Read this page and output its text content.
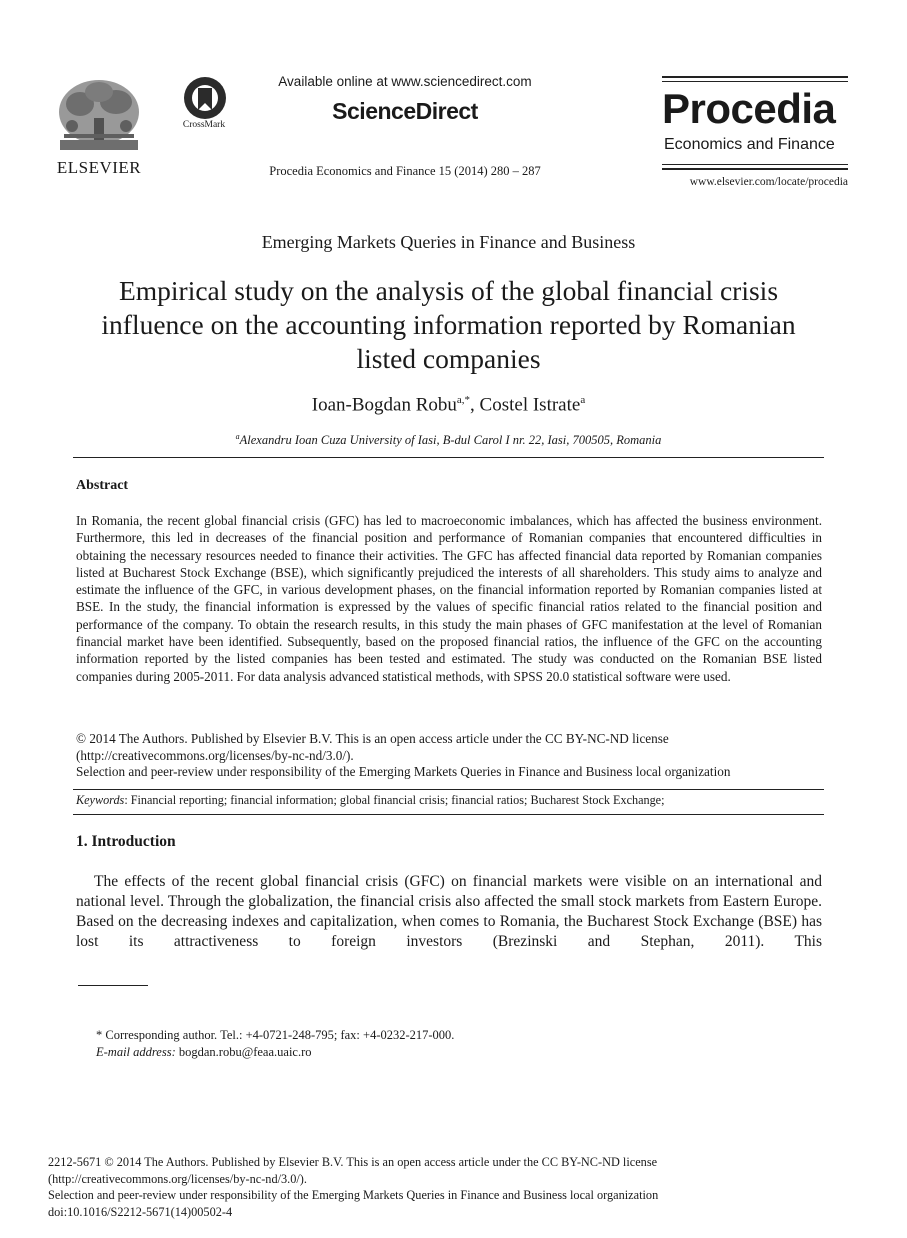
ELSEVIER
CrossMark
Available online at www.sciencedirect.com
ScienceDirect
Procedia Economics and Finance 15 (2014) 280 – 287
Procedia
Economics and Finance
www.elsevier.com/locate/procedia
Emerging Markets Queries in Finance and Business
Empirical study on the analysis of the global financial crisis influence on the accounting information reported by Romanian listed companies
Ioan-Bogdan Robu$^{a,*}$, Costel Istrate$^a$
$^a$Alexandru Ioan Cuza University of Iasi, B-dul Carol I nr. 22, Iasi, 700505, Romania
Abstract
In Romania, the recent global financial crisis (GFC) has led to macroeconomic imbalances, which has affected the business environment. Furthermore, this led in decreases of the financial position and performance of Romanian companies that encountered difficulties in obtaining the necessary resources needed to finance their activities. The GFC has affected financial data reported by Romanian companies listed at Bucharest Stock Exchange (BSE), which significantly prejudiced the interests of all shareholders. This study aims to analyze and estimate the influence of the GFC, in various development phases, on the financial information reported by Romanian companies listed at BSE. In the study, the financial information is expressed by the values of specific financial ratios related to the financial position and performance of the company. To obtain the research results, in this study the main phases of GFC manifestation at the level of Romanian financial market have been identified. Subsequently, based on the proposed financial ratios, the influence of the GFC on the accounting information reported by the listed companies has been tested and estimated. The study was conducted on the Romanian BSE listed companies during 2005-2011. For data analysis advanced statistical methods, with SPSS 20.0 statistical software were used.
© 2014 The Authors. Published by Elsevier B.V. This is an open access article under the CC BY-NC-ND license
(http://creativecommons.org/licenses/by-nc-nd/3.0/).
Selection and peer-review under responsibility of the Emerging Markets Queries in Finance and Business local organization
Keywords: Financial reporting; financial information; global financial crisis; financial ratios; Bucharest Stock Exchange;
1. Introduction
The effects of the recent global financial crisis (GFC) on financial markets were visible on an international and national level. Through the globalization, the financial crisis also affected the small stock markets from Eastern Europe. Based on the decreasing indexes and capitalization, when comes to Romania, the Bucharest Stock Exchange (BSE) has lost its attractiveness to foreign investors (Brezinski and Stephan, 2011). This
* Corresponding author. Tel.: +4-0721-248-795; fax: +4-0232-217-000.
E-mail address: bogdan.robu@feaa.uaic.ro
2212-5671 © 2014 The Authors. Published by Elsevier B.V. This is an open access article under the CC BY-NC-ND license
(http://creativecommons.org/licenses/by-nc-nd/3.0/).
Selection and peer-review under responsibility of the Emerging Markets Queries in Finance and Business local organization
doi:10.1016/S2212-5671(14)00502-4
